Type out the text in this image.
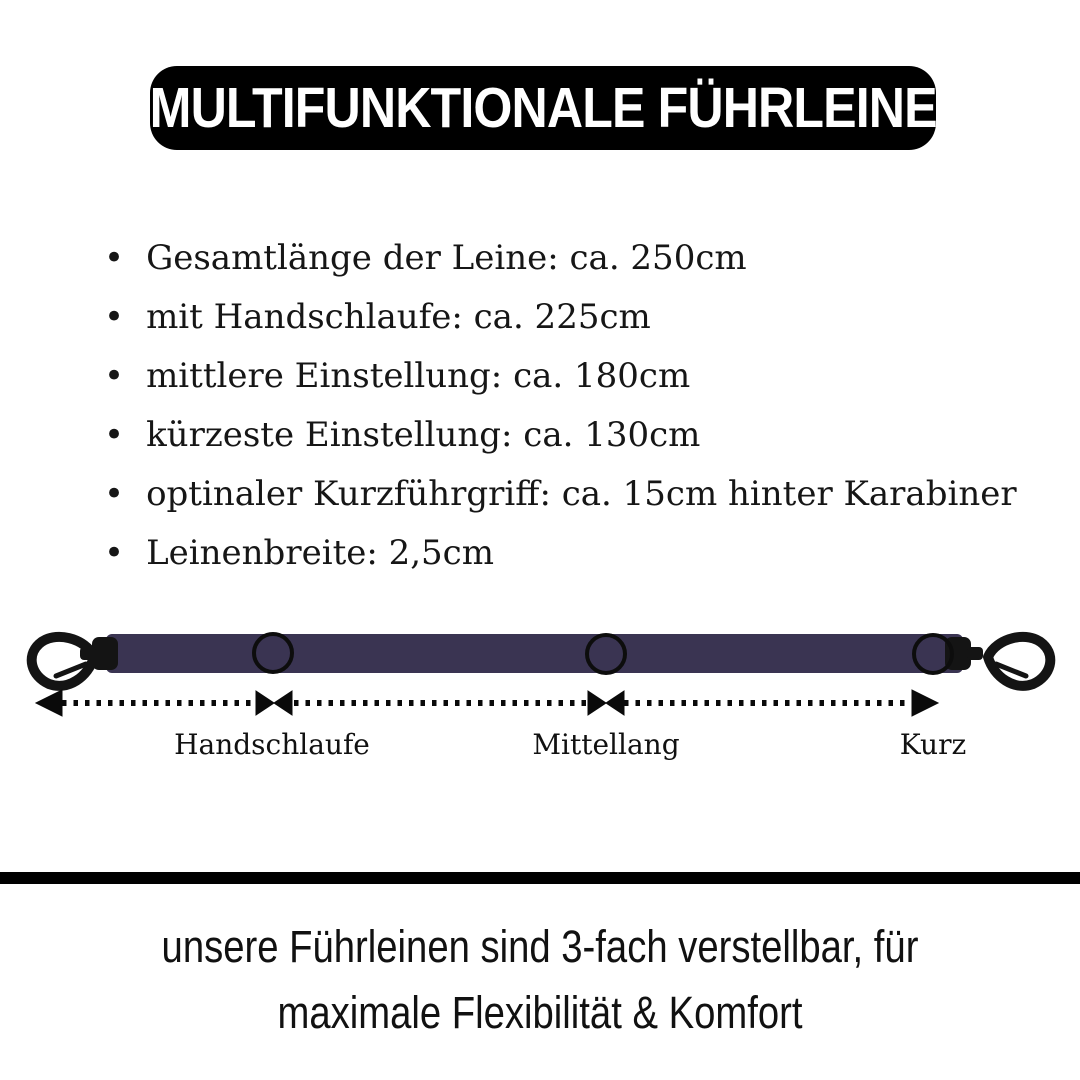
MULTIFUNKTIONALE FÜHRLEINE
• Gesamtlänge der Leine: ca. 250cm
• mit Handschlaufe: ca. 225cm
• mittlere Einstellung: ca. 180cm
• kürzeste Einstellung: ca. 130cm
• optinaler Kurzführgriff: ca. 15cm hinter Karabiner
• Leinenbreite: 2,5cm
Handschlaufe	Mittellang	Kurz
unsere Führleinen sind 3-fach verstellbar, für
maximale Flexibilität & Komfort
